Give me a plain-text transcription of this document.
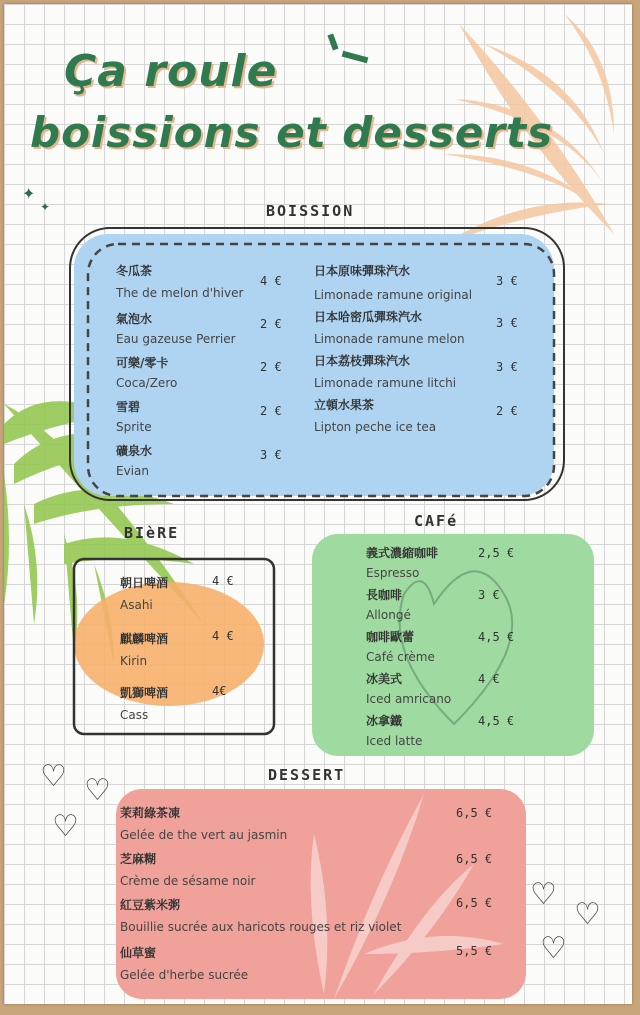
Ça roule
boissions et desserts
✦
✦	BOISSION
冬瓜茶
The de melon d'hiver
4 €
氣泡水
Eau gazeuse Perrier
2 €
可樂/零卡
Coca/Zero
2 €
雪碧
Sprite
2 €
礦泉水
Evian
3 €
日本原味彈珠汽水
Limonade ramune original
3 €
日本哈密瓜彈珠汽水
Limonade ramune melon
3 €
日本荔枝彈珠汽水
Limonade ramune litchi
3 €
立頓水果茶
Lipton peche ice tea
2 €
BIèRE
朝日啤酒
Asahi
4 €
麒麟啤酒
Kirin
4 €
凱獅啤酒
Cass
4€
CAFé
義式濃縮咖啡
Espresso
2,5 €
長咖啡
Allongé
3 €
咖啡歐蕾
Café crème
4,5 €
冰美式
Iced amricano
4 €
冰拿鐵
Iced latte
4,5 €
DESSERT
♡ ♡
♡
♡
♡
♡
茉莉綠茶凍
Gelée de the vert au jasmin
6,5 €
芝麻糊
Crème de sésame noir
6,5 €
紅豆紫米粥
Bouillie sucrée aux haricots rouges et riz violet
6,5 €
仙草蜜
Gelée d'herbe sucrée
5,5 €
